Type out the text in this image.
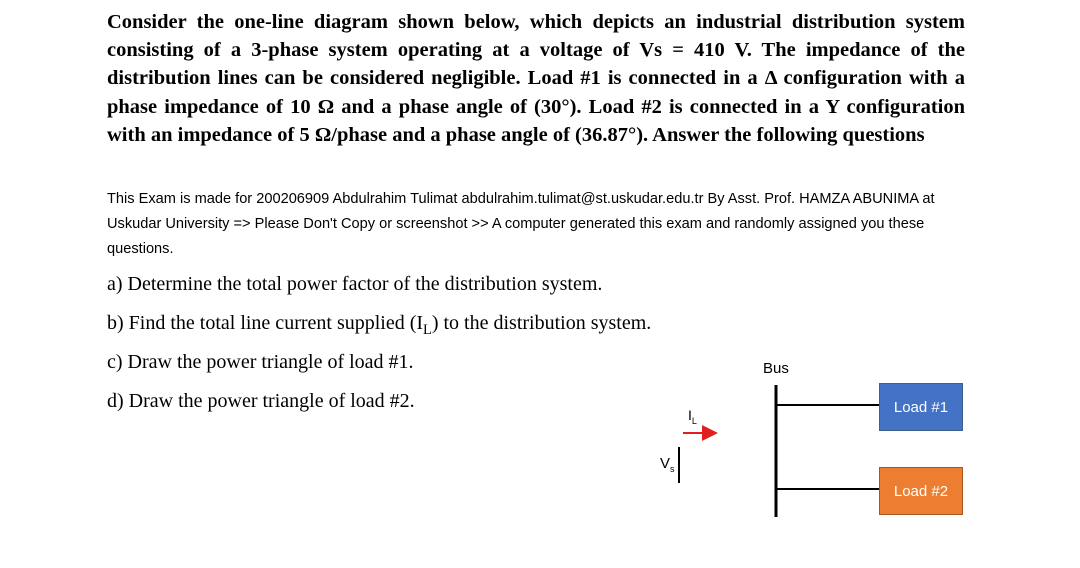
Consider the one-line diagram shown below, which depicts an industrial distribution system consisting of a 3-phase system operating at a voltage of Vs = 410 V. The impedance of the distribution lines can be considered negligible. Load #1 is connected in a Δ configuration with a phase impedance of 10 Ω and a phase angle of (30°). Load #2 is connected in a Y configuration with an impedance of 5 Ω/phase and a phase angle of (36.87°). Answer the following questions

This Exam is made for 200206909 Abdulrahim Tulimat abdulrahim.tulimat@st.uskudar.edu.tr By Asst. Prof. HAMZA ABUNIMA at Uskudar University => Please Don't Copy or screenshot >> A computer generated this exam and randomly assigned you these questions.

a) Determine the total power factor of the distribution system.

b) Find the total line current supplied $(I_L)$ to the distribution system.

c) Draw the power triangle of load #1.

d) Draw the power triangle of load #2.

Bus
$I_L$
$V_s$
Load #1
Load #2
